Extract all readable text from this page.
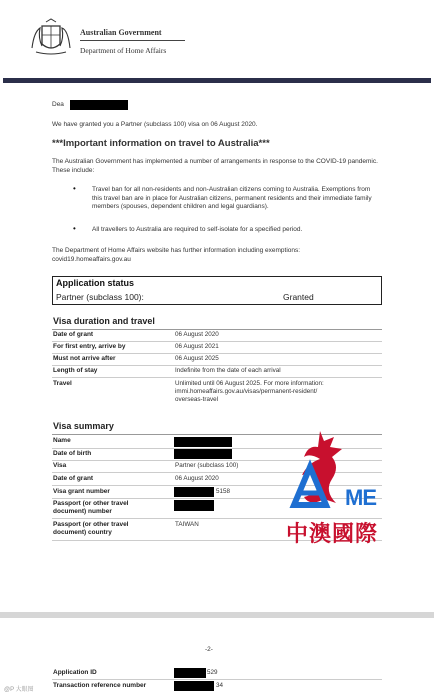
Australian Government
Department of Home Affairs
Dea
We have granted you a Partner (subclass 100) visa on 06 August 2020.
***Important information on travel to Australia***
The Australian Government has implemented a number of arrangements in response to the COVID-19 pandemic. These include:
• Travel ban for all non-residents and non-Australian citizens coming to Australia. Exemptions from this travel ban are in place for Australian citizens, permanent residents and their immediate family members (spouses, dependent children and legal guardians).
• All travellers to Australia are required to self-isolate for a specified period.
The Department of Home Affairs website has further information including exemptions:
covid19.homeaffairs.gov.au
Application status
Partner (subclass 100):	Granted
Visa duration and travel
Date of grant	06 August 2020
For first entry, arrive by	06 August 2021
Must not arrive after	06 August 2025
Length of stay	Indefinite from the date of each arrival
Travel	Unlimited until 06 August 2025. For more information:
immi.homeaffairs.gov.au/visas/permanent-resident/
overseas-travel
Visa summary
Name
Date of birth
Visa	Partner (subclass 100)
Date of grant	06 August 2020
Visa grant number	5158
Passport (or other travel
document) number
Passport (or other travel	TAIWAN
document) country
ME
中澳國際
-2-
Application ID	529
Transaction reference number	34
@P 大眼图
